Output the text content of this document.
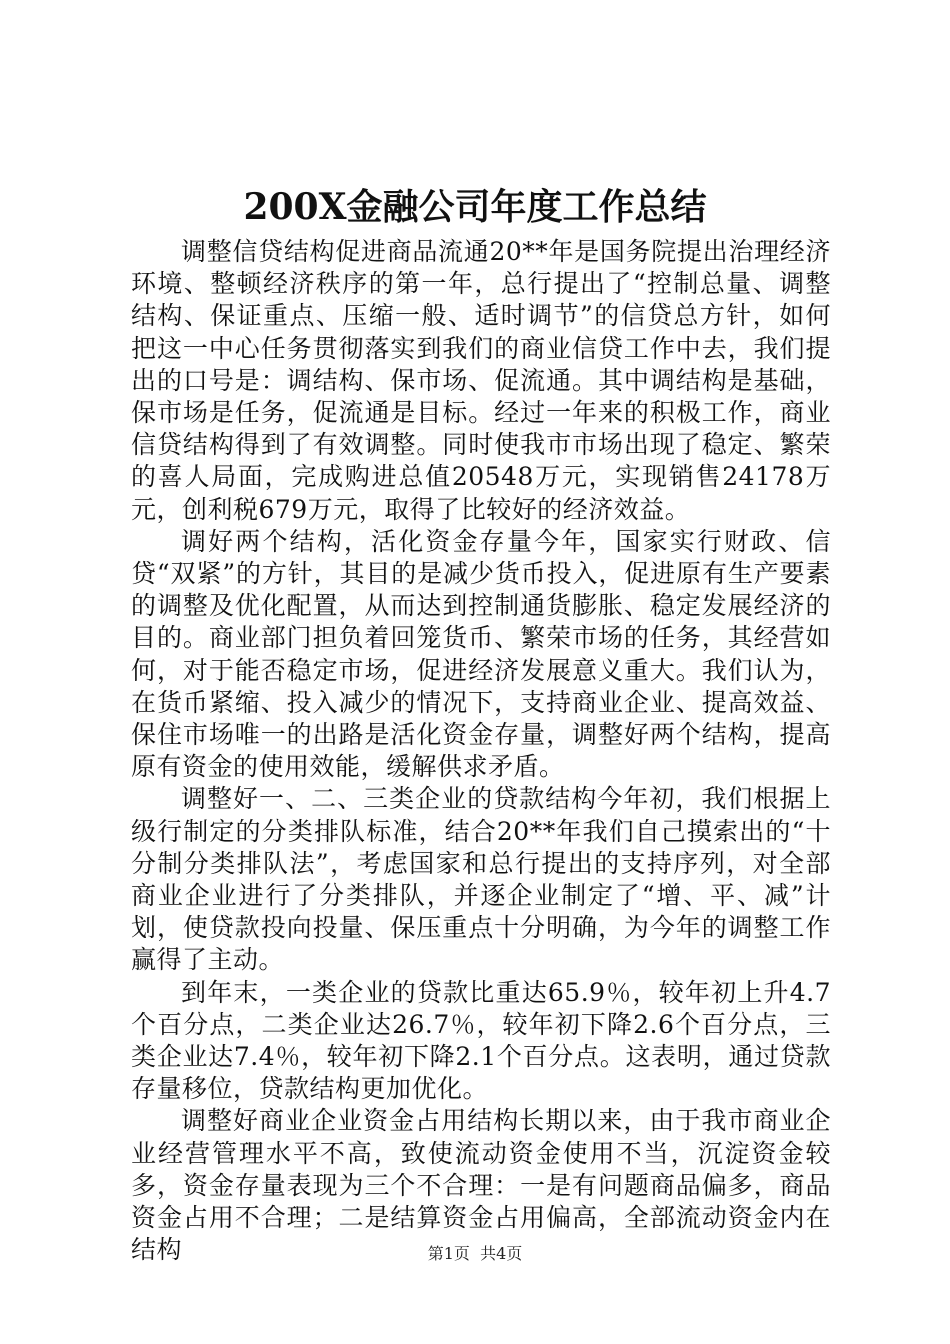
200X金融公司年度工作总结

调整信贷结构促进商品流通20**年是国务院提出治理经济环境、整顿经济秩序的第一年，总行提出了“控制总量、调整结构、保证重点、压缩一般、适时调节”的信贷总方针，如何把这一中心任务贯彻落实到我们的商业信贷工作中去，我们提出的口号是：调结构、保市场、促流通。其中调结构是基础，保市场是任务，促流通是目标。经过一年来的积极工作，商业信贷结构得到了有效调整。同时使我市市场出现了稳定、繁荣的喜人局面，完成购进总值20548万元，实现销售24178万元，创利税679万元，取得了比较好的经济效益。

调好两个结构，活化资金存量今年，国家实行财政、信贷“双紧”的方针，其目的是减少货币投入，促进原有生产要素的调整及优化配置，从而达到控制通货膨胀、稳定发展经济的目的。商业部门担负着回笼货币、繁荣市场的任务，其经营如何，对于能否稳定市场，促进经济发展意义重大。我们认为，在货币紧缩、投入减少的情况下，支持商业企业、提高效益、保住市场唯一的出路是活化资金存量，调整好两个结构，提高原有资金的使用效能，缓解供求矛盾。

调整好一、二、三类企业的贷款结构今年初，我们根据上级行制定的分类排队标准，结合20**年我们自己摸索出的“十分制分类排队法”，考虑国家和总行提出的支持序列，对全部商业企业进行了分类排队，并逐企业制定了“增、平、减”计划，使贷款投向投量、保压重点十分明确，为今年的调整工作赢得了主动。

到年末，一类企业的贷款比重达65.9％，较年初上升4.7个百分点，二类企业达26.7％，较年初下降2.6个百分点，三类企业达7.4％，较年初下降2.1个百分点。这表明，通过贷款存量移位，贷款结构更加优化。

调整好商业企业资金占用结构长期以来，由于我市商业企业经营管理水平不高，致使流动资金使用不当，沉淀资金较多，资金存量表现为三个不合理：一是有问题商品偏多，商品资金占用不合理；二是结算资金占用偏高，全部流动资金内在结构	第1页 共4页
